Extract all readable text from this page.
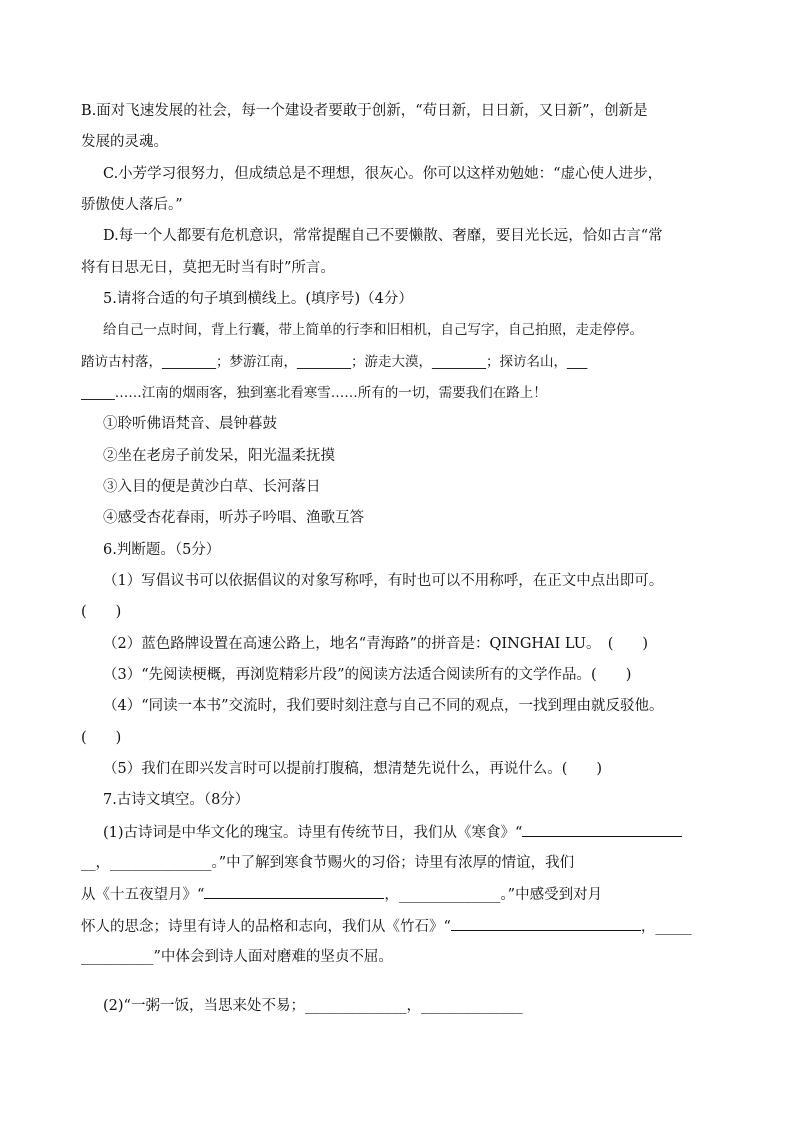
B.面对飞速发展的社会，每一个建设者要敢于创新，“苟日新，日日新，又日新”，创新是
发展的灵魂。
C.小芳学习很努力，但成绩总是不理想，很灰心。你可以这样劝勉她：“虚心使人进步，
骄傲使人落后。”
D.每一个人都要有危机意识，常常提醒自己不要懒散、奢靡，要目光长远，恰如古言“常
将有日思无日，莫把无时当有时”所言。
5.请将合适的句子填到横线上。(填序号)（4分）
给自己一点时间，背上行囊，带上简单的行李和旧相机，自己写字，自己拍照，走走停停。
踏访古村落，________；梦游江南，________；游走大漠，________；探访名山，___
_____……江南的烟雨客，独到塞北看寒雪……所有的一切，需要我们在路上！
①聆听佛语梵音、晨钟暮鼓
②坐在老房子前发呆，阳光温柔抚摸
③入目的便是黄沙白草、长河落日
④感受杏花春雨，听苏子吟唱、渔歌互答
6.判断题。（5分）
（1）写倡议书可以依据倡议的对象写称呼，有时也可以不用称呼，在正文中点出即可。
(　　)
（2）蓝色路牌设置在高速公路上，地名“青海路”的拼音是：QINGHAI LU。　(　　)
（3）“先阅读梗概，再浏览精彩片段”的阅读方法适合阅读所有的文学作品。(　　)
（4）“同读一本书”交流时，我们要时刻注意与自己不同的观点，一找到理由就反驳他。
(　　)
（5）我们在即兴发言时可以提前打腹稿，想清楚先说什么，再说什么。(　　)
7.古诗文填空。（8分）
(1)古诗词是中华文化的瑰宝。诗里有传统节日，我们从《寒食》“
__，______________。”中了解到寒食节赐火的习俗；诗里有浓厚的情谊，我们
从《十五夜望月》“	，______________。”中感受到对月
怀人的思念；诗里有诗人的品格和志向，我们从《竹石》“	，_____
__________”中体会到诗人面对磨难的坚贞不屈。
(2)“一粥一饭，当思来处不易；______________，______________
